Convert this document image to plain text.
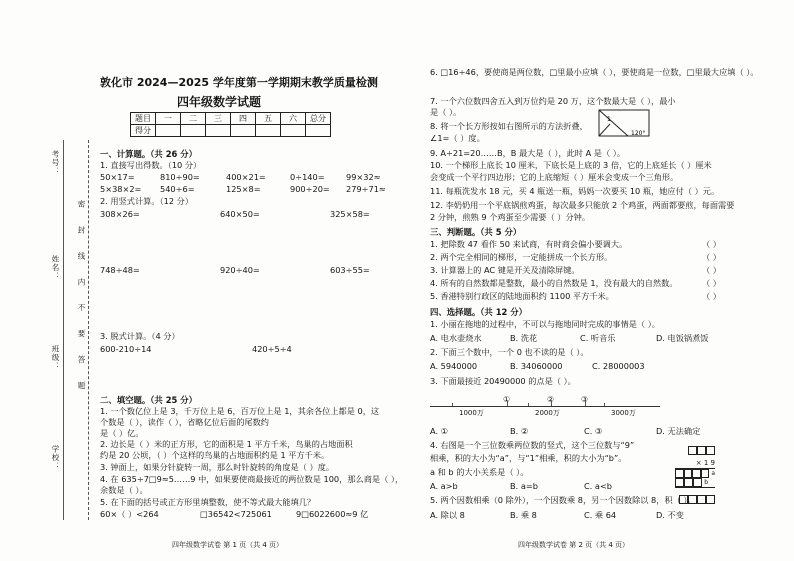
考号：
姓名：
班级：
学校：
密 封 线 内 不 要 答 题
敦化市 2024—2025 学年度第一学期期末教学质量检测
四年级数学试题
题目	一	二	三	四	五	六	总分
得分							
一、计算题。（共 26 分）
1. 直接写出得数。（10 分）
50×17=	810÷90=	400×21=	0÷140=	99×32≈
5×38×2= 540÷6=	125×8=	900÷20= 279÷71≈
2. 用竖式计算。（12 分）
308×26=	640×50=	325×58=
748÷48=	920÷40=	603÷55=
3. 脱式计算。（4 分）
600-210÷14	420÷5÷4
二、填空题。（共 25 分）
1. 一个数亿位上是 3，千万位上是 6，百万位上是 1，其余各位上都是 0，这
个数是（ ），读作（ ），省略亿位后面的尾数约
是（ ）亿。
2. 边长是（ ）米的正方形，它的面积是 1 平方千米，鸟巢的占地面积
约是 20 公顷，（ ）个这样的鸟巢的占地面积约是 1 平方千米。
3. 钟面上，如果分针旋转一周，那么时针旋转的角度是（ ）度。
4. 在 635÷7□9≈5……9 中，如果要使商最接近的两位数是 100，那么商是（ ），
余数是（ ）。
5. 在下面的括号或正方形里填整数，使不等式最大能填几？
60×（ ）<264	□36542<725061	9□6022600≈9 亿
四年级数学试卷 第 1 页（共 4 页）
6. □16÷46，要使商是两位数，□里最小应填（ ），要使商是一位数，□里最大应填（ ）。
7. 一个六位数四舍五入到万位约是 20 万，这个数最大是（ ），最小
是（ ）。
8. 将一个长方形按如右图所示的方法折叠，
∠1=（ ）度。
1
120°
9. A÷21=20……B，B 最大是（ ），此时 A 是（ ）。
10. 一个梯形上底长 10 厘米，下底长是上底的 3 倍，它的上底延长（ ）厘米
会变成一个平行四边形；它的上底缩短（ ）厘米会变成一个三角形。
11. 每瓶洗发水 18 元，买 4 瓶送一瓶，妈妈一次要买 10 瓶，她应付（ ）元。
12. 李奶奶用一个平底锅煎鸡蛋，每次最多只能放 2 个鸡蛋，两面都要煎，每面需要
2 分钟，煎熟 9 个鸡蛋至少需要（ ）分钟。
三、判断题。（共 5 分）
1. 把除数 47 看作 50 来试商，有时商会偏小要调大。
2. 两个完全相同的梯形，一定能拼成一个长方形。
3. 计算器上的 AC 键是开关及清除屏键。
4. 所有的自然数都是整数，最小的自然数是 1，没有最大的自然数。
5. 香港特别行政区的陆地面积约 1100 平方千米。
（ ）
（ ）
（ ）
（ ）
（ ）
四、选择题。（共 12 分）
1. 小丽在拖地的过程中，不可以与拖地同时完成的事情是（ ）。
A. 电水壶烧水	B. 洗花	C. 听音乐	D. 电饭锅煮饭
2. 下面三个数中，一个 0 也不读的是（ ）。
A. 5940000	B. 34060000	C. 28000003
3. 下面最接近 20490000 的点是（ ）。
①	②	③
1000万	2000万	3000万
A. ①	B. ②	C. ③	D. 无法确定
4. 右图是一个三位数乘两位数的竖式，这个三位数与“9”
相乘，积的大小为“a”，与“1”相乘，积的大小为“b”。
a 和 b 的大小关系是（ ）。
× 1 9
a
b
A. a>b	B. a=b	C. a<b
5. 两个因数相乘（0 除外），一个因数乘 8，另一个因数除以 8，积（ ）。
A. 除以 8	B. 乘 8	C. 乘 64	D. 不变
四年级数学试卷 第 2 页（共 4 页）
